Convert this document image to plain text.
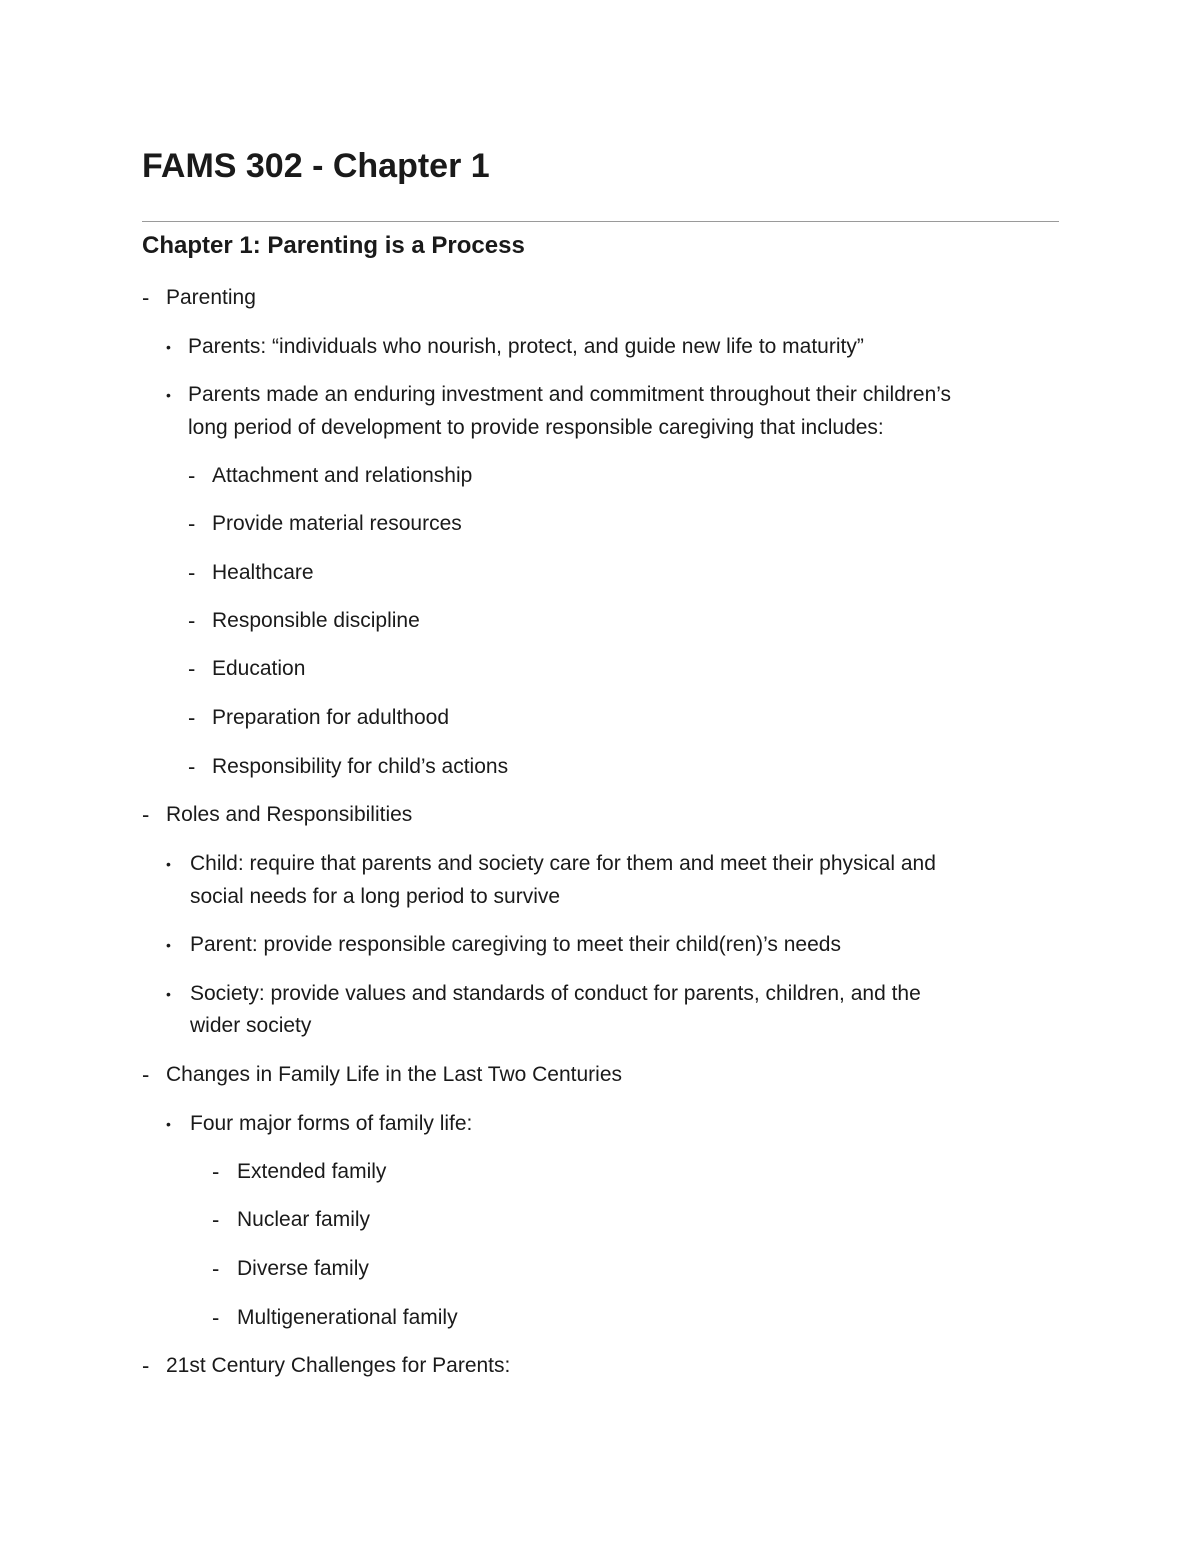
FAMS 302 - Chapter 1
Chapter 1: Parenting is a Process
- Parenting
• Parents: “individuals who nourish, protect, and guide new life to maturity”
• Parents made an enduring investment and commitment throughout their children’s
long period of development to provide responsible caregiving that includes:
- Attachment and relationship
- Provide material resources
- Healthcare
- Responsible discipline
- Education
- Preparation for adulthood
- Responsibility for child’s actions
- Roles and Responsibilities
• Child: require that parents and society care for them and meet their physical and
social needs for a long period to survive
• Parent: provide responsible caregiving to meet their child(ren)’s needs
• Society: provide values and standards of conduct for parents, children, and the
wider society
- Changes in Family Life in the Last Two Centuries
• Four major forms of family life:
- Extended family
- Nuclear family
- Diverse family
- Multigenerational family
- 21st Century Challenges for Parents:
